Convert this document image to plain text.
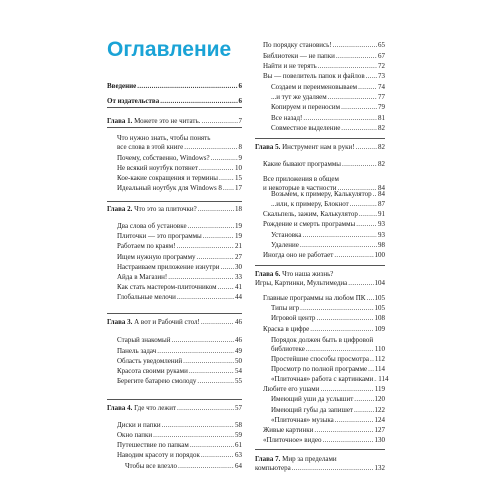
Оглавление
Введение .....	6
От издательства .....	6
Глава 1. Можете это не читать. .....	7
Что нужно знать, чтобы понять
все слова в этой книге .....	8
Почему, собственно, Windows? .....	9
Не всякий ноутбук потянет .....	10
Кое-какие сокращения и термины ..... 15
Идеальный ноутбук для Windows 8 ..... 17
Глава 2. Что это за плиточки? .....	18
Два слова об установке .....	19
Плиточки — это программы .....	19
Работаем по краям! .....	21
Ищем нужную программу .....	27
Настраиваем приложение изнутри ..... 30
Айда в Магазин! .....	33
Как стать мастером-плиточником .....	41
Глобальные мелочи .....	44
Глава 3. А вот и Рабочий стол! .....	46
Старый знакомый .....	46
Панель задач .....	49
Область уведомлений .....	50
Красота своими руками .....	54
Берегите батарею смолоду .....	55
Глава 4. Где что лежит .....	57
Диски и папки .....	58
Окно папки .....	59
Путешествие по папкам .....	61
Наводим красоту и порядок .....	63
Чтобы все влезло .....	64
По порядку становись! .....	65
Библиотеки — не папки .....	67
Найти и не терять .....	72
Вы — повелитель папок и файлов ..... 73
Создаем и переименовываем .....	74
...и тут же удаляем .....	77
Копируем и переносим .....	79
Все назад! .....	81
Совместное выделение .....	82
Глава 5. Инструмент нам в руки! .....	82
Какие бывают программы .....	82
Все приложения в общем
и некоторые в частности .....	84
Возьмем, к примеру, Калькулятор ..... 84
...или, к примеру, Блокнот .....	87
Скальпель, зажим, Калькулятор .....	91
Рождение и смерть программы .....	93
Установка .....	93
Удаление .....	98
Иногда оно не работает .....	100
Глава 6. Что наша жизнь?
Игры, Картинки, Мультимедиа .....	104
Главные программы на любом ПК ..... 105
Типы игр .....	105
Игровой центр .....	108
Краска в цифре .....	109
Порядок должен быть в цифровой
библиотеке .....	110
Простейшие способы просмотра ..... 112
Просмотр по полной программе ..... 114
«Плиточная» работа с картинками ..... 114
Любите его ушами .....	119
Имеющий уши да услышит .....	120
Имеющий губы да запишет .....	122
«Плиточная» музыка .....	124
Живые картинки .....	127
«Плиточное» видео .....	130
Глава 7. Мир за пределами
компьютера .....	132
